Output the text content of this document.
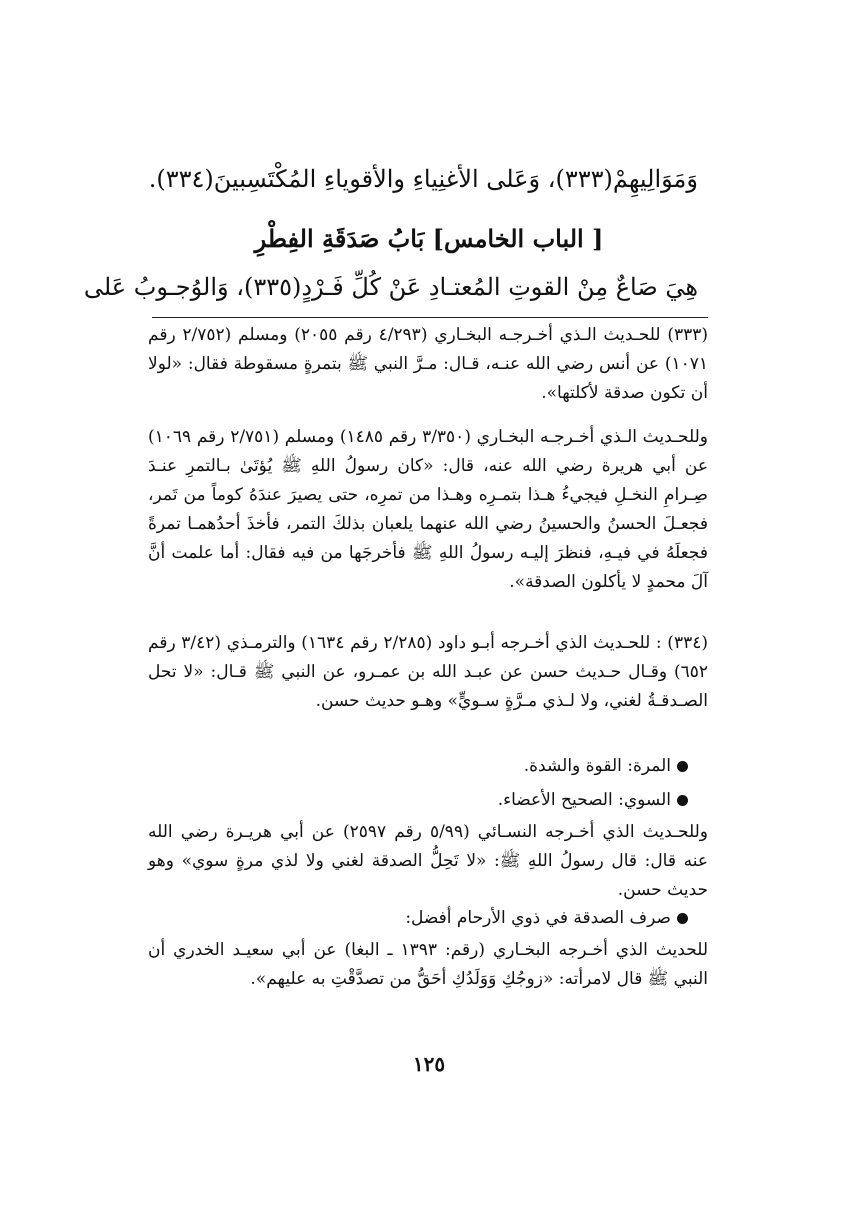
وَمَوَالِيهِمْ(٣٣٣)، وَعَلى الأغنِياءِ والأقوياءِ المُكْتَسِبينَ(٣٣٤).
[ الباب الخامس] بَابُ صَدَقَةِ الفِطْرِ
هِيَ صَاعٌ مِنْ القوتِ المُعتـادِ عَنْ كُلِّ فَـرْدٍ(٣٣٥)، وَالوُجـوبُ عَلى
(٣٣٣) للحـديث الـذي أخـرجـه البخـاري (٤/٢٩٣ رقم ٢٠٥٥) ومسلم (٢/٧٥٢ رقم ١٠٧١) عن أنس رضي الله عنـه، قـال: مـرَّ النبي ﷺ بتمرةٍ مسقوطة فقال: «لولا أن تكون صدقة لأكلتها».
وللحـديث الـذي أخـرجـه البخـاري (٣/٣٥٠ رقم ١٤٨٥) ومسلم (٢/٧٥١ رقم ١٠٦٩) عن أبي هريرة رضي الله عنه، قال: «كان رسولُ اللهِ ﷺ يُؤتَىٰ بـالتمرِ عنـدَ صِـرامِ النخـلِ فيجيءُ هـذا بتمـرِه وهـذا من تمرِه، حتى يصيرَ عندَهُ كوماً من تَمر، فجعـلَ الحسنُ والحسينُ رضي الله عنهما يلعبان بذلكَ التمر، فأخذَ أحدُهمـا تمرةً فجعلَهُ في فيـهِ، فنظرَ إليـه رسولُ اللهِ ﷺ فأخرجَها من فيه فقال: أما علمت أنَّ آلَ محمدٍ لا يأكلون الصدقة».
(٣٣٤) : للحـديث الذي أخـرجه أبـو داود (٢/٢٨٥ رقم ١٦٣٤) والترمـذي (٣/٤٢ رقم ٦٥٢) وقـال حـديث حسن عن عبـد الله بن عمـرو، عن النبي ﷺ قـال: «لا تحل الصـدقـةُ لغني، ولا لـذي مـرَّةٍ سـويٍّ» وهـو حديث حسن.
المرة: القوة والشدة.
السوي: الصحيح الأعضاء.
وللحـديث الذي أخـرجه النسـائي (٥/٩٩ رقم ٢٥٩٧) عن أبي هريـرة رضي الله عنه قال: قال رسولُ اللهِ ﷺ: «لا تَحِلُّ الصدقة لغني ولا لذي مرةٍ سوي» وهو حديث حسن.
صرف الصدقة في ذوي الأرحام أفضل:
للحديث الذي أخـرجه البخـاري (رقم: ١٣٩٣ ـ البغا) عن أبي سعيـد الخدري أن النبي ﷺ قال لامرأته: «زوجُكِ وَوَلَدُكِ أحَقُّ من تصدَّقْتِ به عليهم».
١٢٥
